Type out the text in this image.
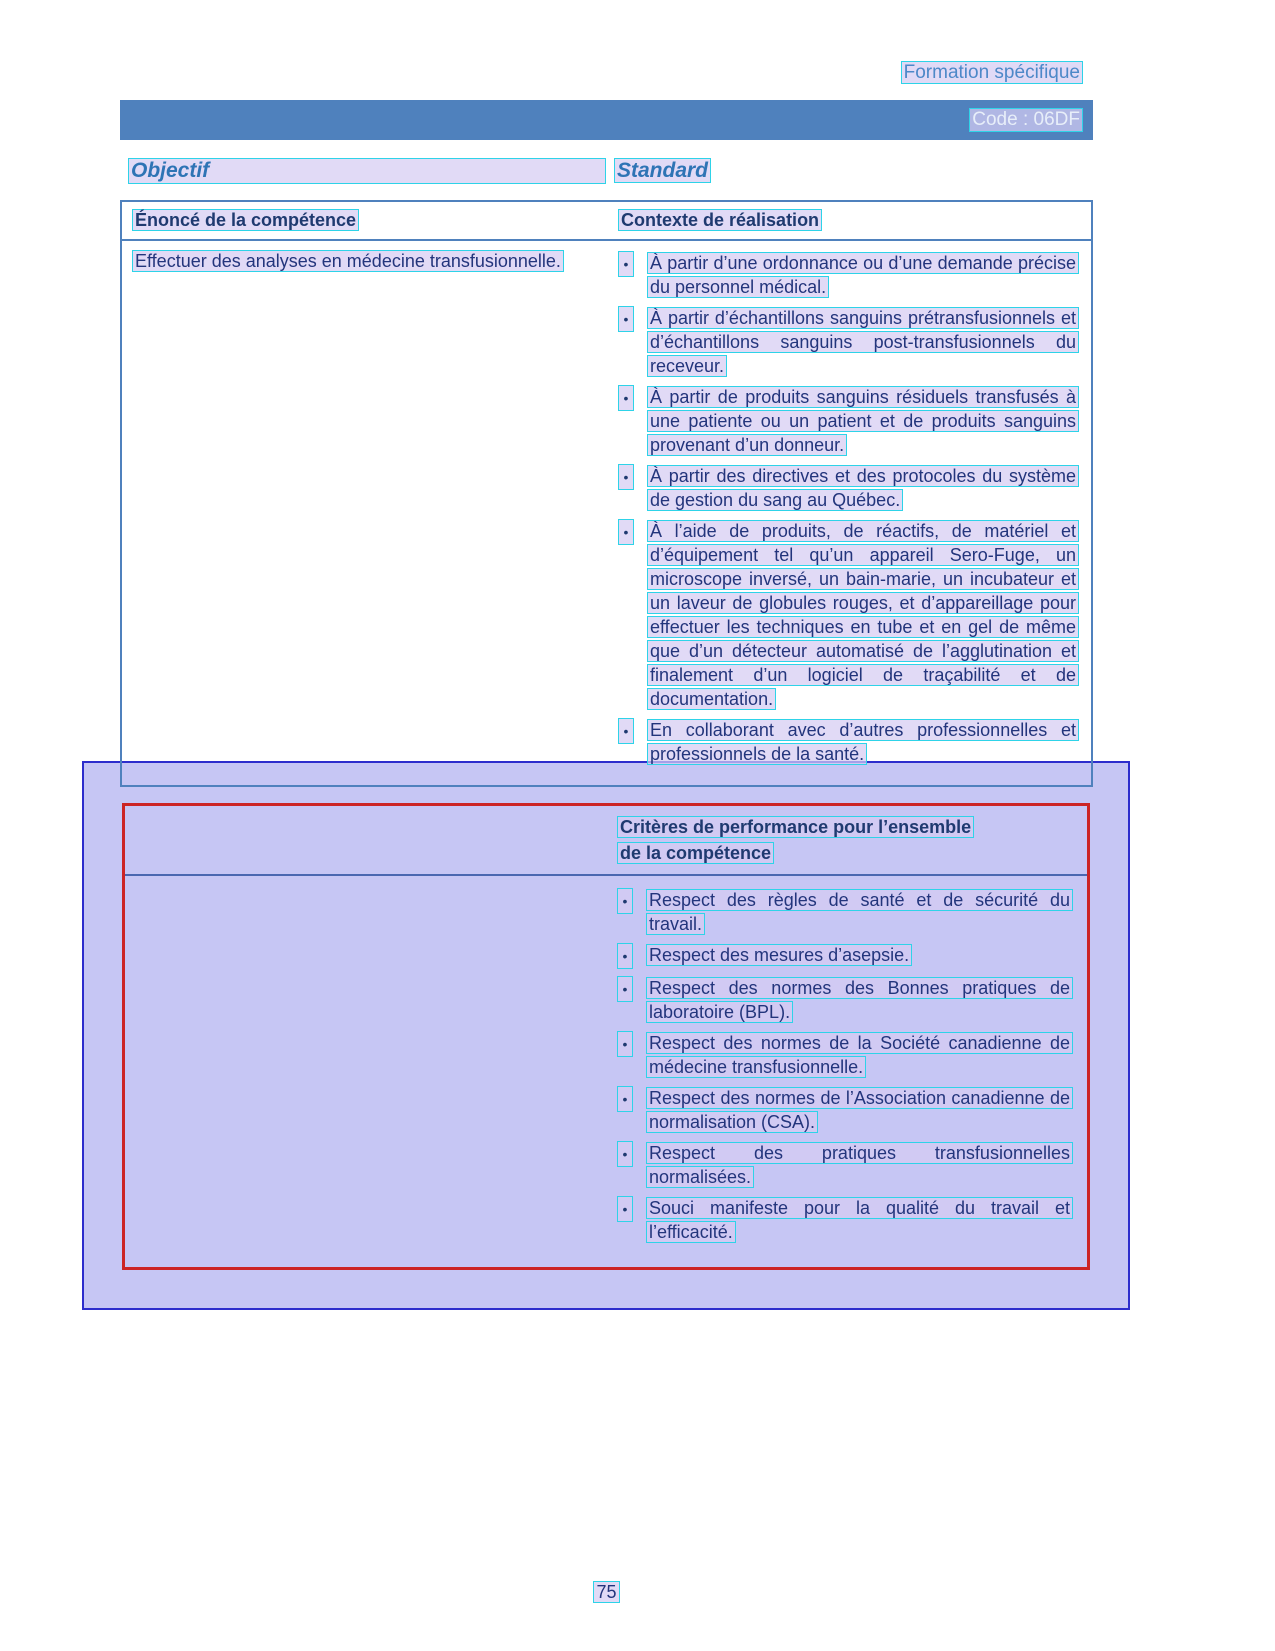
Formation spécifique
Code : 06DF
Objectif	Standard
Énoncé de la compétence	Contexte de réalisation
Effectuer des analyses en médecine transfusionnelle.	•	À partir d’une ordonnance ou d’une demande précise du personnel médical.
•	À partir d’échantillons sanguins prétransfusionnels et d’échantillons sanguins post-transfusionnels du receveur.
•	À partir de produits sanguins résiduels transfusés à une patiente ou un patient et de produits sanguins provenant d’un donneur.
•	À partir des directives et des protocoles du système de gestion du sang au Québec.
•	À l’aide de produits, de réactifs, de matériel et d’équipement tel qu’un appareil Sero-Fuge, un microscope inversé, un bain-marie, un incubateur et un laveur de globules rouges, et d’appareillage pour effectuer les techniques en tube et en gel de même que d’un détecteur automatisé de l’agglutination et finalement d’un logiciel de traçabilité et de documentation.
•	En collaborant avec d’autres professionnelles et professionnels de la santé.
Critères de performance pour l’ensemble
de la compétence
•	Respect des règles de santé et de sécurité du travail.
•	Respect des mesures d’asepsie.
•	Respect des normes des Bonnes pratiques de laboratoire (BPL).
•	Respect des normes de la Société canadienne de médecine transfusionnelle.
•	Respect des normes de l’Association canadienne de normalisation (CSA).
•	Respect des pratiques transfusionnelles normalisées.
•	Souci manifeste pour la qualité du travail et l’efficacité.
75
